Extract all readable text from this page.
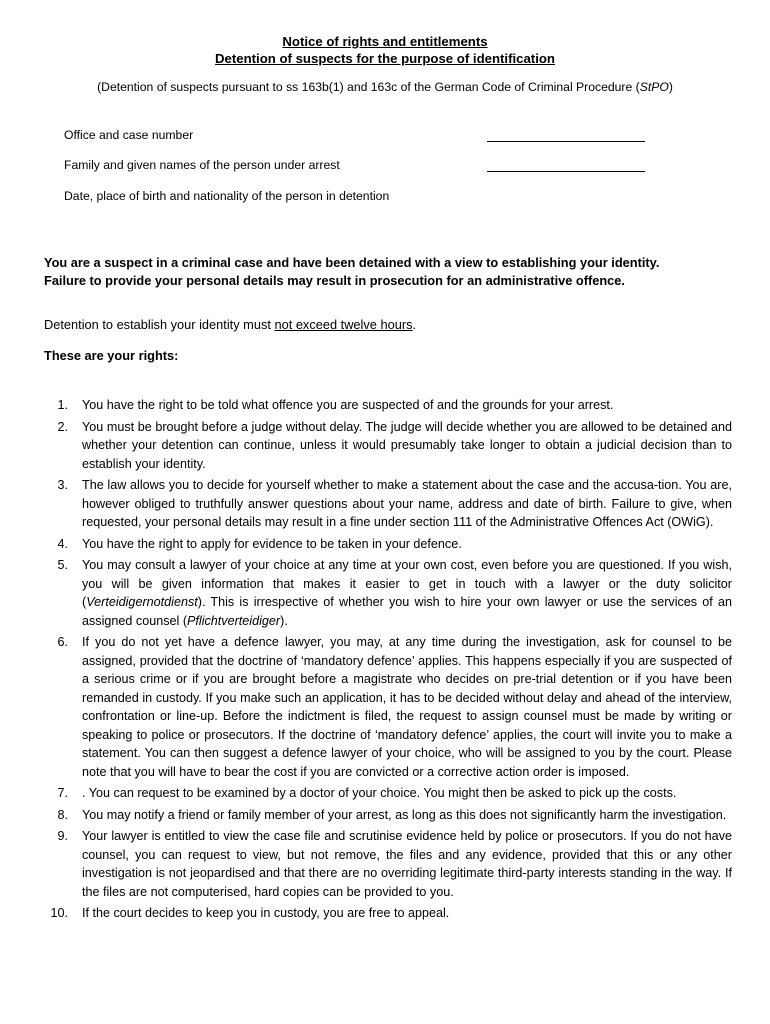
Notice of rights and entitlements
Detention of suspects for the purpose of identification
(Detention of suspects pursuant to ss 163b(1) and 163c of the German Code of Criminal Procedure (StPO)
Office and case number
Family and given names of the person under arrest
Date, place of birth and nationality of the person in detention
You are a suspect in a criminal case and have been detained with a view to establishing your identity.
Failure to provide your personal details may result in prosecution for an administrative offence.
Detention to establish your identity must not exceed twelve hours.
These are your rights:
1. You have the right to be told what offence you are suspected of and the grounds for your arrest.
2. You must be brought before a judge without delay. The judge will decide whether you are allowed to be detained and whether your detention can continue, unless it would presumably take longer to obtain a judicial decision than to establish your identity.
3. The law allows you to decide for yourself whether to make a statement about the case and the accusa-tion. You are, however obliged to truthfully answer questions about your name, address and date of birth. Failure to give, when requested, your personal details may result in a fine under section 111 of the Administrative Offences Act (OWiG).
4. You have the right to apply for evidence to be taken in your defence.
5. You may consult a lawyer of your choice at any time at your own cost, even before you are questioned. If you wish, you will be given information that makes it easier to get in touch with a lawyer or the duty solicitor (Verteidigernotdienst). This is irrespective of whether you wish to hire your own lawyer or use the services of an assigned counsel (Pflichtverteidiger).
6. If you do not yet have a defence lawyer, you may, at any time during the investigation, ask for counsel to be assigned, provided that the doctrine of ‘mandatory defence’ applies. This happens especially if you are suspected of a serious crime or if you are brought before a magistrate who decides on pre-trial detention or if you have been remanded in custody. If you make such an application, it has to be decided without delay and ahead of the interview, confrontation or line-up. Before the indictment is filed, the request to assign counsel must be made by writing or speaking to police or prosecutors. If the doctrine of ‘mandatory defence’ applies, the court will invite you to make a statement. You can then suggest a defence lawyer of your choice, who will be assigned to you by the court. Please note that you will have to bear the cost if you are convicted or a corrective action order is imposed.
7. . You can request to be examined by a doctor of your choice. You might then be asked to pick up the costs.
8. You may notify a friend or family member of your arrest, as long as this does not significantly harm the investigation.
9. Your lawyer is entitled to view the case file and scrutinise evidence held by police or prosecutors. If you do not have counsel, you can request to view, but not remove, the files and any evidence, provided that this or any other investigation is not jeopardised and that there are no overriding legitimate third-party interests standing in the way. If the files are not computerised, hard copies can be provided to you.
10. If the court decides to keep you in custody, you are free to appeal.
